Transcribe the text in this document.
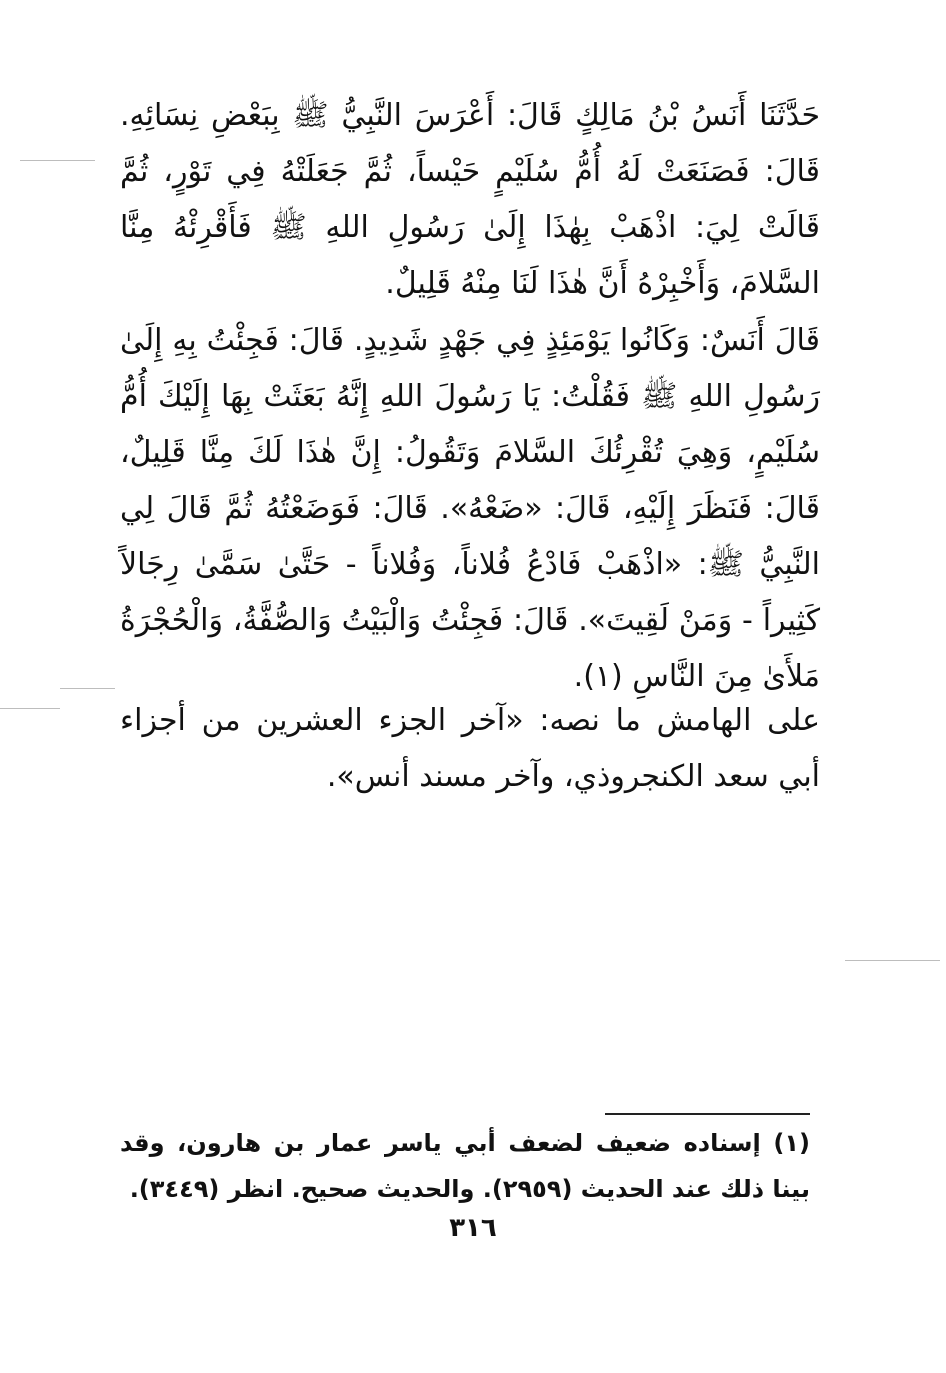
حَدَّثَنَا أَنَسُ بْنُ مَالِكٍ قَالَ: أَعْرَسَ النَّبِيُّ ﷺ بِبَعْضِ نِسَائِهِ. قَالَ: فَصَنَعَتْ لَهُ أُمُّ سُلَيْمٍ حَيْساً، ثُمَّ جَعَلَتْهُ فِي تَوْرٍ، ثُمَّ قَالَتْ لِيَ: اذْهَبْ بِهٰذَا إِلَىٰ رَسُولِ اللهِ ﷺ فَأَقْرِئْهُ مِنَّا السَّلامَ، وَأَخْبِرْهُ أَنَّ هٰذَا لَنَا مِنْهُ قَلِيلٌ.

قَالَ أَنَسٌ: وَكَانُوا يَوْمَئِذٍ فِي جَهْدٍ شَدِيدٍ. قَالَ: فَجِئْتُ بِهِ إِلَىٰ رَسُولِ اللهِ ﷺ فَقُلْتُ: يَا رَسُولَ اللهِ إِنَّهُ بَعَثَتْ بِهَا إِلَيْكَ أُمُّ سُلَيْمٍ، وَهِيَ تُقْرِئُكَ السَّلامَ وَتَقُولُ: إِنَّ هٰذَا لَكَ مِنَّا قَلِيلٌ، قَالَ: فَنَظَرَ إِلَيْهِ، قَالَ: «ضَعْهُ». قَالَ: فَوَضَعْتُهُ ثُمَّ قَالَ لِي النَّبِيُّ ﷺ: «اذْهَبْ فَادْعُ فُلاناً، وَفُلاناً - حَتَّىٰ سَمَّىٰ رِجَالاً كَثِيراً - وَمَنْ لَقِيتَ». قَالَ: فَجِئْتُ وَالْبَيْتُ وَالصُّفَّةُ، وَالْحُجْرَةُ مَلأَىٰ مِنَ النَّاسِ (١).

على الهامش ما نصه: «آخر الجزء العشرين من أجزاء أبي سعد الكنجروذي، وآخر مسند أنس».

(١) إسناده ضعيف لضعف أبي ياسر عمار بن هارون، وقد بينا ذلك عند الحديث (٢٩٥٩). والحديث صحيح. انظر (٣٤٤٩).

٣١٦
